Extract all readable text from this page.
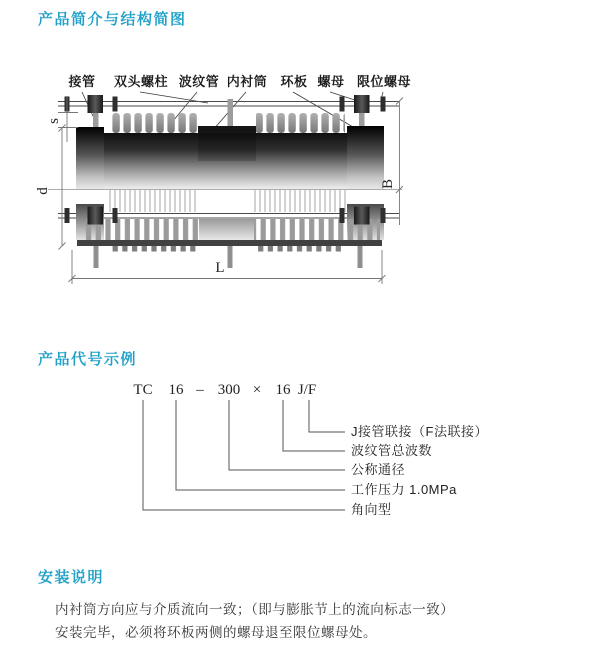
产品简介与结构简图
产品代号示例
安装说明
接管 双头螺柱 波纹管 内衬筒 环板 螺母 限位螺母
d
s
B
L
TC 16 – 300 × 16 J/F
J接管联接（F法联接）
波纹管总波数
公称通径
工作压力 1.0MPa
角向型

内衬筒方向应与介质流向一致；（即与膨胀节上的流向标志一致）

安装完毕，必须将环板两侧的螺母退至限位螺母处。
